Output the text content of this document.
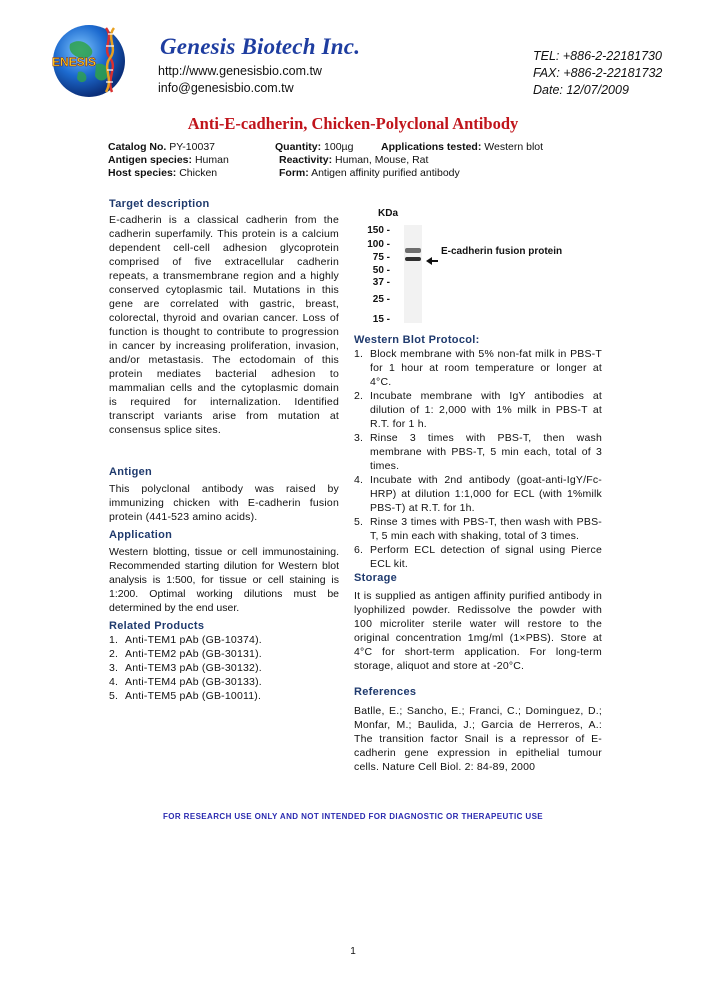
ENESIS
Genesis Biotech Inc.
http://www.genesisbio.com.tw
info@genesisbio.com.tw
TEL: +886-2-22181730
FAX: +886-2-22181732
Date: 12/07/2009
Anti-E-cadherin, Chicken-Polyclonal Antibody
Catalog No. PY-10037	Quantity: 100µg	Applications tested: Western blot
Antigen species: Human	Reactivity: Human, Mouse, Rat
Host species: Chicken	Form: Antigen affinity purified antibody
Target description
E-cadherin is a classical cadherin from the cadherin superfamily. This protein is a calcium dependent cell-cell adhesion glycoprotein comprised of five extracellular cadherin repeats, a transmembrane region and a highly conserved cytoplasmic tail. Mutations in this gene are correlated with gastric, breast, colorectal, thyroid and ovarian cancer. Loss of function is thought to contribute to progression in cancer by increasing proliferation, invasion, and/or metastasis. The ectodomain of this protein mediates bacterial adhesion to mammalian cells and the cytoplasmic domain is required for internalization. Identified transcript variants arise from mutation at consensus splice sites.
Antigen
This polyclonal antibody was raised by immunizing chicken with E-cadherin fusion protein (441-523 amino acids).
Application
Western blotting, tissue or cell immunostaining. Recommended starting dilution for Western blot analysis is 1:500, for tissue or cell staining is 1:200. Optimal working dilutions must be determined by the end user.
Related Products
1. Anti-TEM1 pAb (GB-10374).
2. Anti-TEM2 pAb (GB-30131).
3. Anti-TEM3 pAb (GB-30132).
4. Anti-TEM4 pAb (GB-30133).
5. Anti-TEM5 pAb (GB-10011).
KDa
150 -
100 -
75 -
50 -
37 -
25 -
15 -
E-cadherin fusion protein
Western Blot Protocol:
1. Block membrane with 5% non-fat milk in PBS-T for 1 hour at room temperature or longer at 4°C.
2. Incubate membrane with IgY antibodies at dilution of 1: 2,000 with 1% milk in PBS-T at R.T. for 1 h.
3. Rinse 3 times with PBS-T, then wash membrane with PBS-T, 5 min each, total of 3 times.
4. Incubate with 2nd antibody (goat-anti-IgY/Fc-HRP) at dilution 1:1,000 for ECL (with 1%milk PBS-T) at R.T. for 1h.
5. Rinse 3 times with PBS-T, then wash with PBS-T, 5 min each with shaking, total of 3 times.
6. Perform ECL detection of signal using Pierce ECL kit.
Storage
It is supplied as antigen affinity purified antibody in lyophilized powder. Redissolve the powder with 100 microliter sterile water will restore to the original concentration 1mg/ml (1×PBS). Store at 4°C for short-term application. For long-term storage, aliquot and store at -20°C.
References
Batlle, E.; Sancho, E.; Franci, C.; Dominguez, D.; Monfar, M.; Baulida, J.; Garcia de Herreros, A.: The transition factor Snail is a repressor of E-cadherin gene expression in epithelial tumour cells. Nature Cell Biol. 2: 84-89, 2000
FOR RESEARCH USE ONLY AND NOT INTENDED FOR DIAGNOSTIC OR THERAPEUTIC USE
1
